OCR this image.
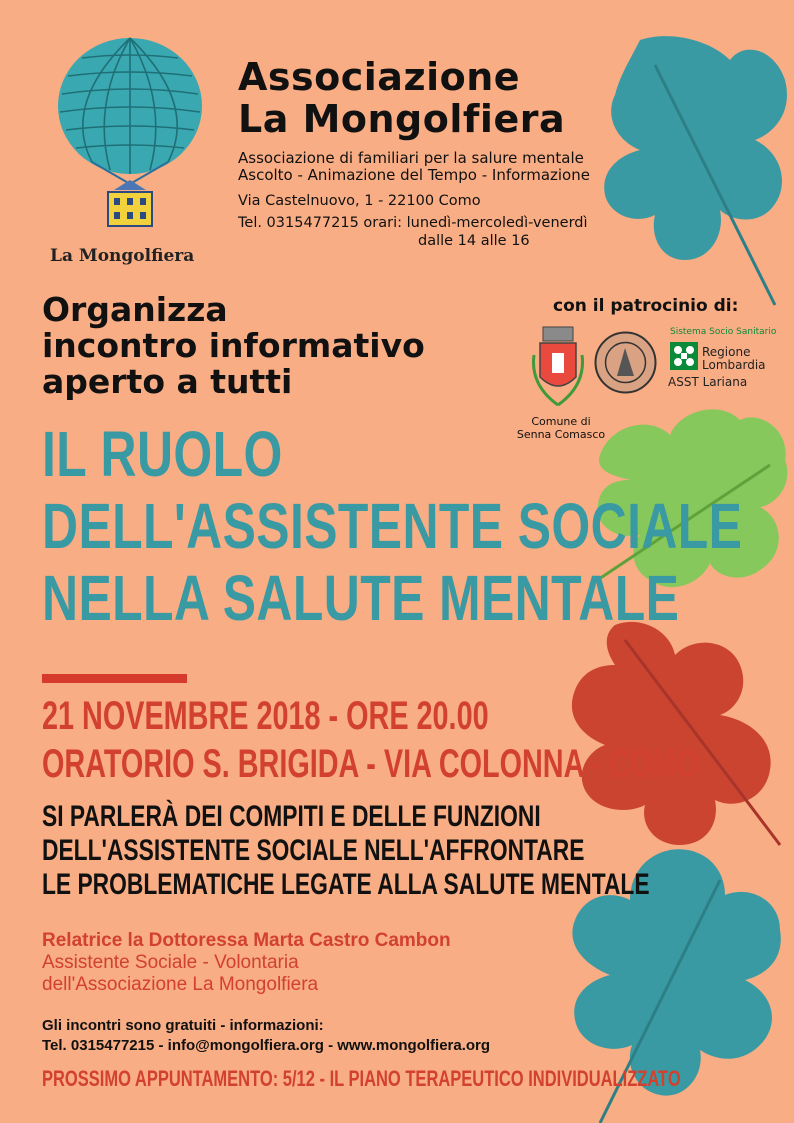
La Mongolfiera
Associazione
La Mongolfiera
Associazione di familiari per la salure mentale
Ascolto - Animazione del Tempo - Informazione
Via Castelnuovo, 1 - 22100 Como
Tel. 0315477215 orari: lunedì-mercoledì-venerdì
dalle 14 alle 16
Organizza
incontro informativo
aperto a tutti
con il patrocinio di:
Comune di
Senna Comasco
Sistema Socio Sanitario
Regione
Lombardia
ASST Lariana
IL RUOLO
DELL'ASSISTENTE SOCIALE
NELLA SALUTE MENTALE
21 NOVEMBRE 2018 - ORE 20.00
ORATORIO S. BRIGIDA - VIA COLONNA - COMO
SI PARLERÀ DEI COMPITI E DELLE FUNZIONI
DELL'ASSISTENTE SOCIALE NELL'AFFRONTARE
LE PROBLEMATICHE LEGATE ALLA SALUTE MENTALE
Relatrice la Dottoressa Marta Castro Cambon
Assistente Sociale - Volontaria
dell'Associazione La Mongolfiera
Gli incontri sono gratuiti - informazioni:
Tel. 0315477215 - info@mongolfiera.org - www.mongolfiera.org
PROSSIMO APPUNTAMENTO: 5/12 - IL PIANO TERAPEUTICO INDIVIDUALIZZATO
